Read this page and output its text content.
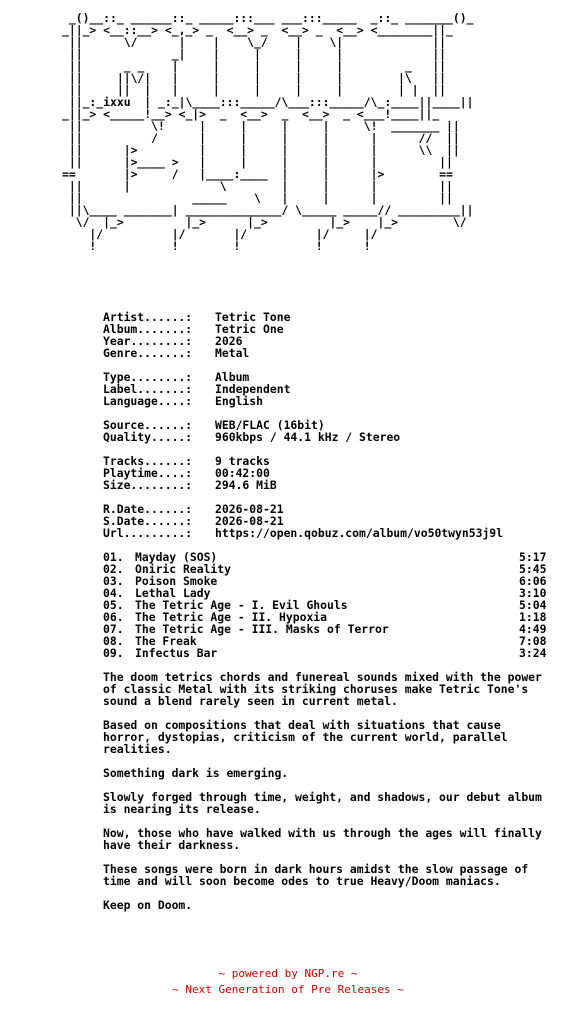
_()__::_ ______::_ _____:::___ ___:::_____  _::_ _______()_
_||_> <__::__> <_,_> _  <__> _  <__> _  <__> <________||_
||      \/      |    |    \_/    |    \|             ||
||             _|    |     |     |     |             ||
||      _ _    |     |     |     |     |         _   ||
||     ||\/|   |     |     |     |     |        |\   ||
||     ||  |   |     |     |     |     |        | |  ||
||_:_ixxu  | _:_|\____:::_____/\___:::_____/\_:____||____||
_||_> <_____!__> <_|>  _  <__>  _  <__>  _ <___!____||_
||          \!     |     |     |     |     \!  _______ ||
||          /      |     |     |     |      |      //  ||
||      |>         |     |     |     |      |      \\  ||
||      |>____ >   |     |     |     |      |         ||
==       |>     /   |____:____  |     |      |>        ==
||      |             \        |     |      |         ||
||                _____    \   |     |      |         ||
||\____ _______| ______________/ \_____ _____// _________||
\/  |_>         |_>      |_>         |_>    |_>        \/
|/          |/       |/          |/     |/
!           !        !           !      !
Artist......: Tetric Tone
Album.......: Tetric One
Year........: 2026
Genre.......: Metal
Type........: Album
Label.......: Independent
Language....: English
Source......: WEB/FLAC (16bit)
Quality.....: 960kbps / 44.1 kHz / Stereo
Tracks......: 9 tracks
Playtime....: 00:42:00
Size........: 294.6 MiB
R.Date......: 2026-08-21
S.Date......: 2026-08-21
Url.........: https://open.qobuz.com/album/vo50twyn53j9l
01. Mayday (SOS)	5:17
02. Oniric Reality	5:45
03. Poison Smoke	6:06
04. Lethal Lady	3:10
05. The Tetric Age - I. Evil Ghouls	5:04
06. The Tetric Age - II. Hypoxia	1:18
07. The Tetric Age - III. Masks of Terror	4:49
08. The Freak	7:08
09. Infectus Bar	3:24
The doom tetrics chords and funereal sounds mixed with the power of classic Metal with its striking choruses make Tetric Tone's sound a blend rarely seen in current metal.
Based on compositions that deal with situations that cause horror, dystopias, criticism of the current world, parallel realities.
Something dark is emerging.
Slowly forged through time, weight, and shadows, our debut album is nearing its release.
Now, those who have walked with us through the ages will finally have their darkness.
These songs were born in dark hours amidst the slow passage of time and will soon become odes to true Heavy/Doom maniacs.
Keep on Doom.
~ powered by NGP.re ~
~ Next Generation of Pre Releases ~
